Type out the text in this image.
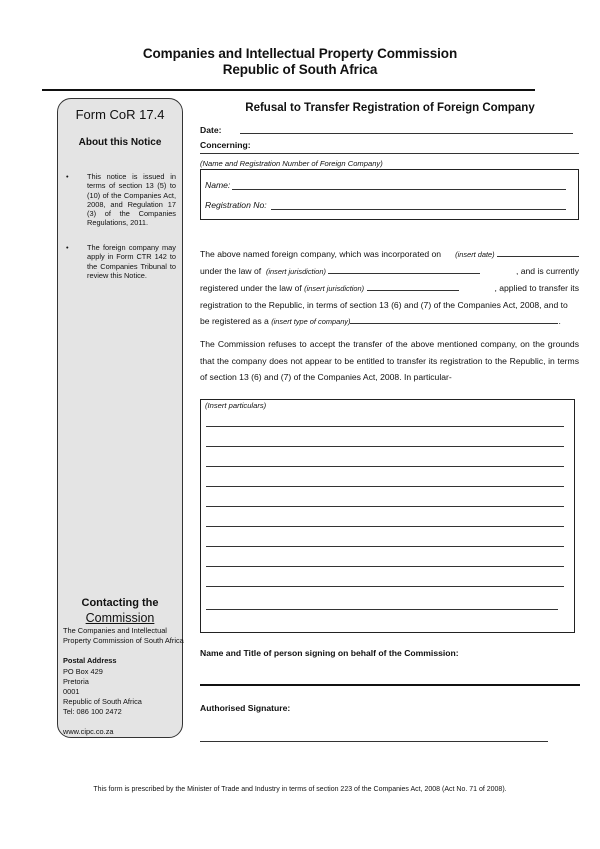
Companies and Intellectual Property Commission
Republic of South Africa
Form CoR 17.4
About this Notice
• This notice is issued in terms of section 13 (5) to (10) of the Companies Act, 2008, and Regulation 17 (3) of the Companies Regulations, 2011.
• The foreign company may apply in Form CTR 142 to the Companies Tribunal to review this Notice.
Contacting the
Commission
The Companies and Intellectual
Property Commission of South Africa
Postal Address
PO Box 429
Pretoria
0001
Republic of South Africa
Tel: 086 100 2472
www.cipc.co.za
Refusal to Transfer Registration of Foreign Company
Date:
Concerning:
(Name and Registration Number of Foreign Company)
Name:
Registration No:
The above named foreign company, which was incorporated on (insert date)
under the law of (insert jurisdiction)	, and is currently
registered under the law of (insert jurisdiction)	, applied to transfer its
registration to the Republic, in terms of section 13 (6) and (7) of the Companies Act, 2008, and to
be registered as a
(insert type of company)	.
The Commission refuses to accept the transfer of the above mentioned company, on the grounds that the company does not appear to be entitled to transfer its registration to the Republic, in terms of section 13 (6) and (7) of the Companies Act, 2008. In particular-
(Insert particulars)
Name and Title of person signing on behalf of the Commission:
Authorised Signature:
This form is prescribed by the Minister of Trade and Industry in terms of section 223 of the Companies Act, 2008 (Act No. 71 of 2008).
